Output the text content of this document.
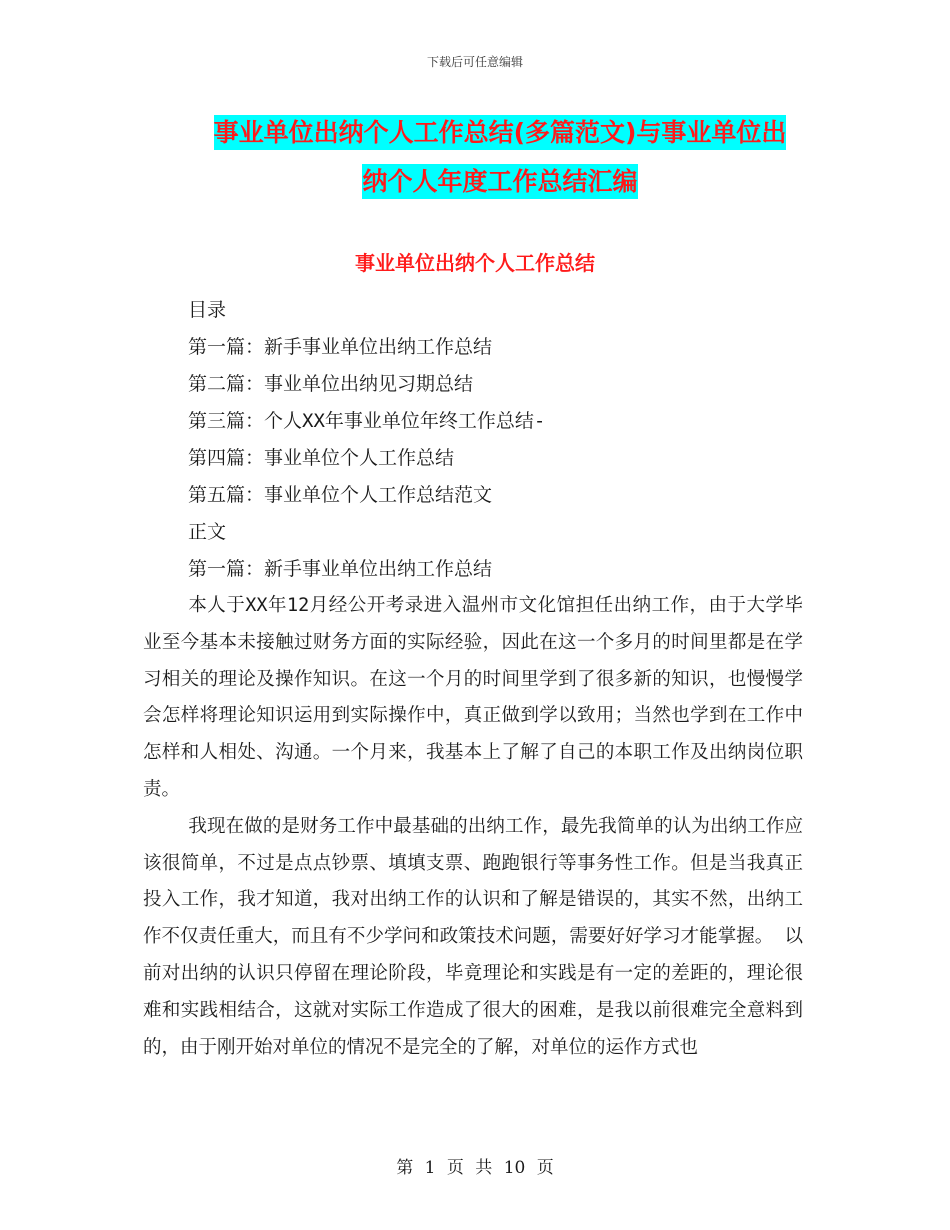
下载后可任意编辑
事业单位出纳个人工作总结(多篇范文)与事业单位出
纳个人年度工作总结汇编
事业单位出纳个人工作总结
目录
第一篇：新手事业单位出纳工作总结
第二篇：事业单位出纳见习期总结
第三篇：个人XX年事业单位年终工作总结-
第四篇：事业单位个人工作总结
第五篇：事业单位个人工作总结范文
正文
第一篇：新手事业单位出纳工作总结

本人于XX年12月经公开考录进入温州市文化馆担任出纳工作，由于大学毕业至今基本未接触过财务方面的实际经验，因此在这一个多月的时间里都是在学习相关的理论及操作知识。在这一个月的时间里学到了很多新的知识，也慢慢学会怎样将理论知识运用到实际操作中，真正做到学以致用；当然也学到在工作中怎样和人相处、沟通。一个月来，我基本上了解了自己的本职工作及出纳岗位职责。

我现在做的是财务工作中最基础的出纳工作，最先我简单的认为出纳工作应该很简单，不过是点点钞票、填填支票、跑跑银行等事务性工作。但是当我真正投入工作，我才知道，我对出纳工作的认识和了解是错误的，其实不然，出纳工作不仅责任重大，而且有不少学问和政策技术问题，需要好好学习才能掌握。 以前对出纳的认识只停留在理论阶段，毕竟理论和实践是有一定的差距的，理论很难和实践相结合，这就对实际工作造成了很大的困难，是我以前很难完全意料到的，由于刚开始对单位的情况不是完全的了解，对单位的运作方式也

第 1 页 共 10 页
